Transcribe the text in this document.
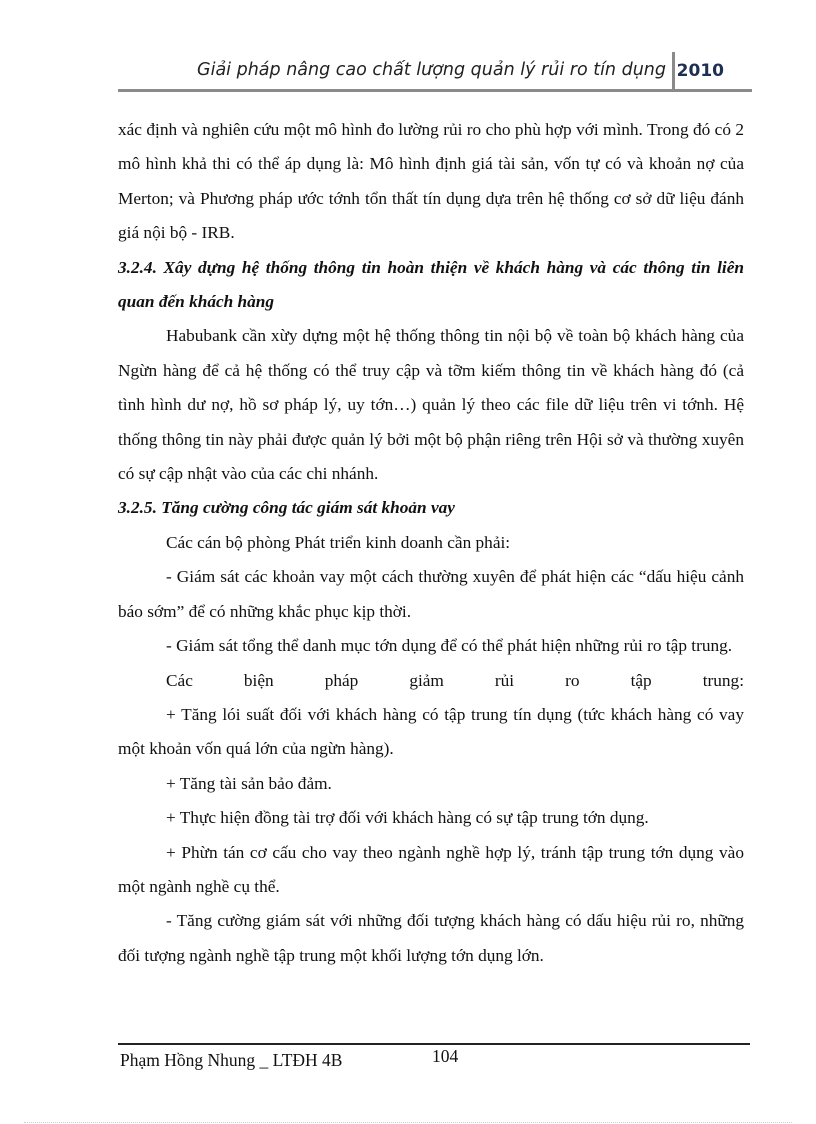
Giải pháp nâng cao chất lượng quản lý rủi ro tín dụng 2010

xác định và nghiên cứu một mô hình đo lường rủi ro cho phù hợp với mình. Trong đó có 2 mô hình khả thi có thể áp dụng là: Mô hình định giá tài sản, vốn tự có và khoản nợ của Merton; và Phương pháp ước tớnh tổn thất tín dụng dựa trên hệ thống cơ sở dữ liệu đánh giá nội bộ - IRB.

3.2.4. Xây dựng hệ thống thông tin hoàn thiện về khách hàng và các thông tin liên quan đến khách hàng

Habubank cần xừy dựng một hệ thống thông tin nội bộ về toàn bộ khách hàng của Ngừn hàng để cả hệ thống có thể truy cập và tỡm kiếm thông tin về khách hàng đó (cả tình hình dư nợ, hồ sơ pháp lý, uy tớn…) quản lý theo các file dữ liệu trên vi tớnh. Hệ thống thông tin này phải được quản lý bởi một bộ phận riêng trên Hội sở và thường xuyên có sự cập nhật vào của các chi nhánh.

3.2.5. Tăng cường công tác giám sát khoản vay

Các cán bộ phòng Phát triển kinh doanh cần phải:

- Giám sát các khoản vay một cách thường xuyên để phát hiện các “dấu hiệu cảnh báo sớm” để có những khắc phục kịp thời.

- Giám sát tổng thể danh mục tớn dụng để có thể phát hiện những rủi ro tập trung.

Các biện pháp giảm rủi ro tập trung:

+ Tăng lói suất đối với khách hàng có tập trung tín dụng (tức khách hàng có vay một khoản vốn quá lớn của ngừn hàng).

+ Tăng tài sản bảo đảm.

+ Thực hiện đồng tài trợ đối với khách hàng có sự tập trung tớn dụng.

+ Phừn tán cơ cấu cho vay theo ngành nghề hợp lý, tránh tập trung tớn dụng vào một ngành nghề cụ thể.

- Tăng cường giám sát với những đối tượng khách hàng có dấu hiệu rủi ro, những đối tượng ngành nghề tập trung một khối lượng tớn dụng lớn.

Phạm Hồng Nhung _ LTĐH 4B	104
